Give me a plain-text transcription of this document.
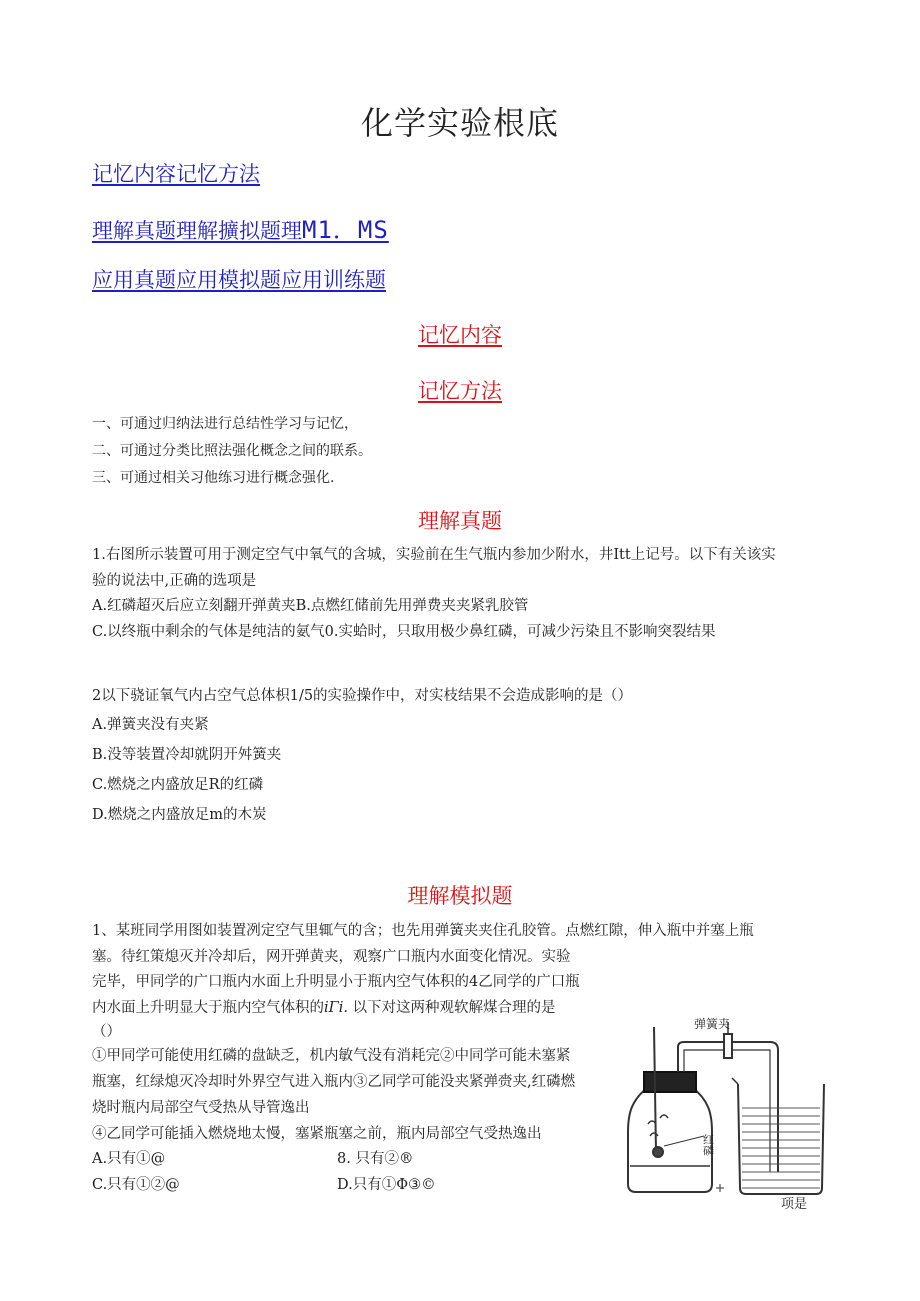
化学实验根底
记忆内容记忆方法
理解真题理解擴拟题理M1．MS
应用真题应用模拟题应用训练题
记忆内容
记忆方法
一、可通过归纳法进行总结性学习与记忆，
二、可通过分类比照法强化概念之间的联系。
三、可通过相关习他练习进行概念强化.
理解真题
1.右图所示装置可用于测定空气中氧气的含城，实验前在生气瓶内参加少附水，井Itt上记号。以下有关该实
验的说法中,正确的选项是
A.红磷超灭后应立刻翻开弹黄夹B.点燃红储前先用弹费夹夹紧乳胶管
C.以终瓶中剩余的气体是纯洁的氨气0.实蛤时，只取用极少鼻红磷，可减少污染且不影响突裂结果
2以下骁证氧气内占空气总体枳1/5的实验操作中，对实枝结果不会造成影响的是（）
A.弹簧夹没有夹紧
B.没等装置冷却就阴开舛簧夹
C.燃烧之内盛放足R的红磷
D.燃烧之内盛放足m的木炭
理解模拟题
1、某班同学用图如装置冽定空气里辄气的含；也先用弹簧夹夹住孔胶管。点燃红隙，伸入瓶中并塞上瓶
塞。待红策熄灭并冷却后，网开弹黄夹，观察广口瓶内水面变化情况。实验
完毕，甲同学的广口瓶内水面上升明显小于瓶内空气体积的4乙同学的广口瓶
内水面上升明显大于瓶内空气体积的iΓi. 以下对这两种观软解煤合理的是
（）
①甲同学可能使用红磷的盘缺乏，机内敏气没有消耗完②中同学可能未塞紧
瓶塞，红绿熄灭冷却时外界空气进入瓶内③乙同学可能没夹紧弹赍夹,红磷燃
烧时瓶内局部空气受热从导管逸出
④乙同学可能插入燃烧地太慢，塞紧瓶塞之前，瓶内局部空气受热逸出
A.只有①@	8. 只有②®
C.只有①②@	D.只有①Φ③©
弹簧夹
红磷
项是
